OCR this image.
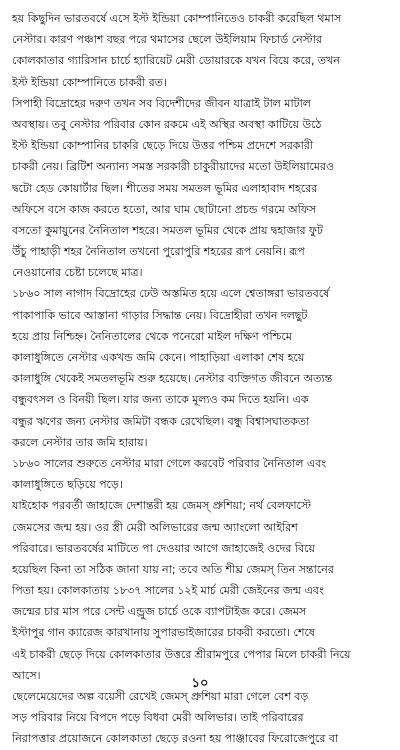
হয় কিছুদিন ভারতবর্ষে এসে ইস্ট ইন্ডিয়া কোম্পানিতেও চাকরী করেছিল থমাস
নেস্টার। কারণ পঞ্চাশ বছর পরে থমাসের ছেলে উইলিয়াম ফিচার্ড নেস্টার
কোলকাতার গ্যারিসান চার্চে হ্যারিয়েট মেরী ডোয়ারকে যখন বিয়ে করে, তখন
ইস্ট ইন্ডিয়া কোম্পানিতে চাকরী রত।
সিপাহী বিদ্রোহের দরুণ তখন সব বিদেশীদের জীবন যাত্রাই টাল মাটাল
অবস্থায়। তবু নেস্টার পরিবার কোন রকমে এই অস্থির অবস্থা কাটিয়ে উঠে
ইস্ট ইন্ডিয়া কোম্পানির চাকরি ছেড়ে দিয়ে উত্তর পশ্চিম প্রদেশে সরকারী
চাকরী নেয়। ব্রিটিশ অন্যান্য সমস্ত সরকারী চাকুরীয়াদের মতো উইলিয়ামেরও
দ্বটো হেড কোয়ার্টার ছিল। শীতের সময় সমতল ভূমির এলাহাবাদ শহরের
অফিসে বসে কাজ করতে হতো, আর ঘাম ছোটানো প্রচন্ড গরমে অফিস
বসতো কুমায়ুনের নৈনিতাল শহরে। সমতল ভূমির থেকে প্রায় দ্বহাজার ফুট
উঁচু পাহাড়ী শহর নৈনিতাল তখনো পুরোপুরি শহরের রূপ নেয়নি। রূপ
নেওয়ানোর চেষ্টা চলেছে মাত্র।
১৮৬০ সাল নাগাদ বিদ্রোহের ঢেউ অস্তমিত হয়ে এলে শ্বেতাঙ্গরা ভারতবর্ষে
পাকাপাকি ভাবে আস্তানা গাড়ার সিদ্ধান্ত নেয়। বিদ্রোহীরা তখন দলছুট
হয়ে প্রায় নিশ্চিহ্ন। নৈনিতালের থেকে পনেরো মাইল দক্ষিণ পশ্চিমে
কালাধুঙ্গিতে নেস্টার একখন্ড জমি কেনে। পাহাড়িয়া এলাকা শেষ হয়ে
কালাধুঙ্গি থেকেই সমতলভূমি শুরু হয়েছে। নেস্টার ব্যক্তিগত জীবনে অত্যন্ত
বন্ধুবৎসল ও বিনয়ী ছিল। যার জন্য তাকে মূল্যও কম দিতে হয়নি। এক
বন্ধুর ঋণের জন্য নেস্টার জমিটা বন্ধক রেখেছিল। বন্ধু বিশ্বাসঘাতকতা
করলে নেস্টার তার জমি হারায়।
১৮৬০ সালের শুরুতে নেস্টার মারা গেলে করবেট পরিবার নৈনিতাল এবং
কালাধুঙ্গিতে ছড়িয়ে পড়ে।
যাইহোক পরবর্তী জাহাজে দেশান্তরী হয় জেমস্ প্রুশিয়া; নর্থ বেলফাস্টে
জেমসের জন্ম হয়। ওর স্ত্রী মেরী অলিভারের জন্ম অ্যাংলো আইরিশ
পরিবারে। ভারতবর্ষের মাটিতে পা দেওয়ার আগে জাহাজেই ওদের বিয়ে
হয়েছিল কিনা তা সঠিক জানা যায় না; তবে অতি শীঘ্র জেমস্ তিন সন্তানের
পিতা হয়। কোলকাতায় ১৮৩৭ সালের ১২ই মার্চ মেরী জেইনের জন্ম এবং
জন্মের চার মাস পরে সেন্ট এন্ড্রুজ চার্চে ওকে ব্যাপটাইজ করে। জেমস
ইস্টাপুর গান ক্যারেজ কারখানায় সুপারভাইজারের চাকরী করতো। শেষে
এই চাকরী ছেড়ে দিয়ে কোলকাতার উত্তরে শ্রীরামপুরে পেপার মিলে চাকরী নিয়ে
আসে।
ছেলেমেয়েদের অল্প বয়েসী রেখেই জেমস্ প্রুশিয়া মারা গেলে বেশ বড়
সড় পরিবার নিয়ে বিপদে পড়ে বিধবা মেরী অলিভার। তাই পরিবারের
নিরাপত্তার প্রয়োজনে কোলকাতা ছেড়ে রওনা হয় পাঞ্জাবের ফিরোজেপুরে বা
১০
